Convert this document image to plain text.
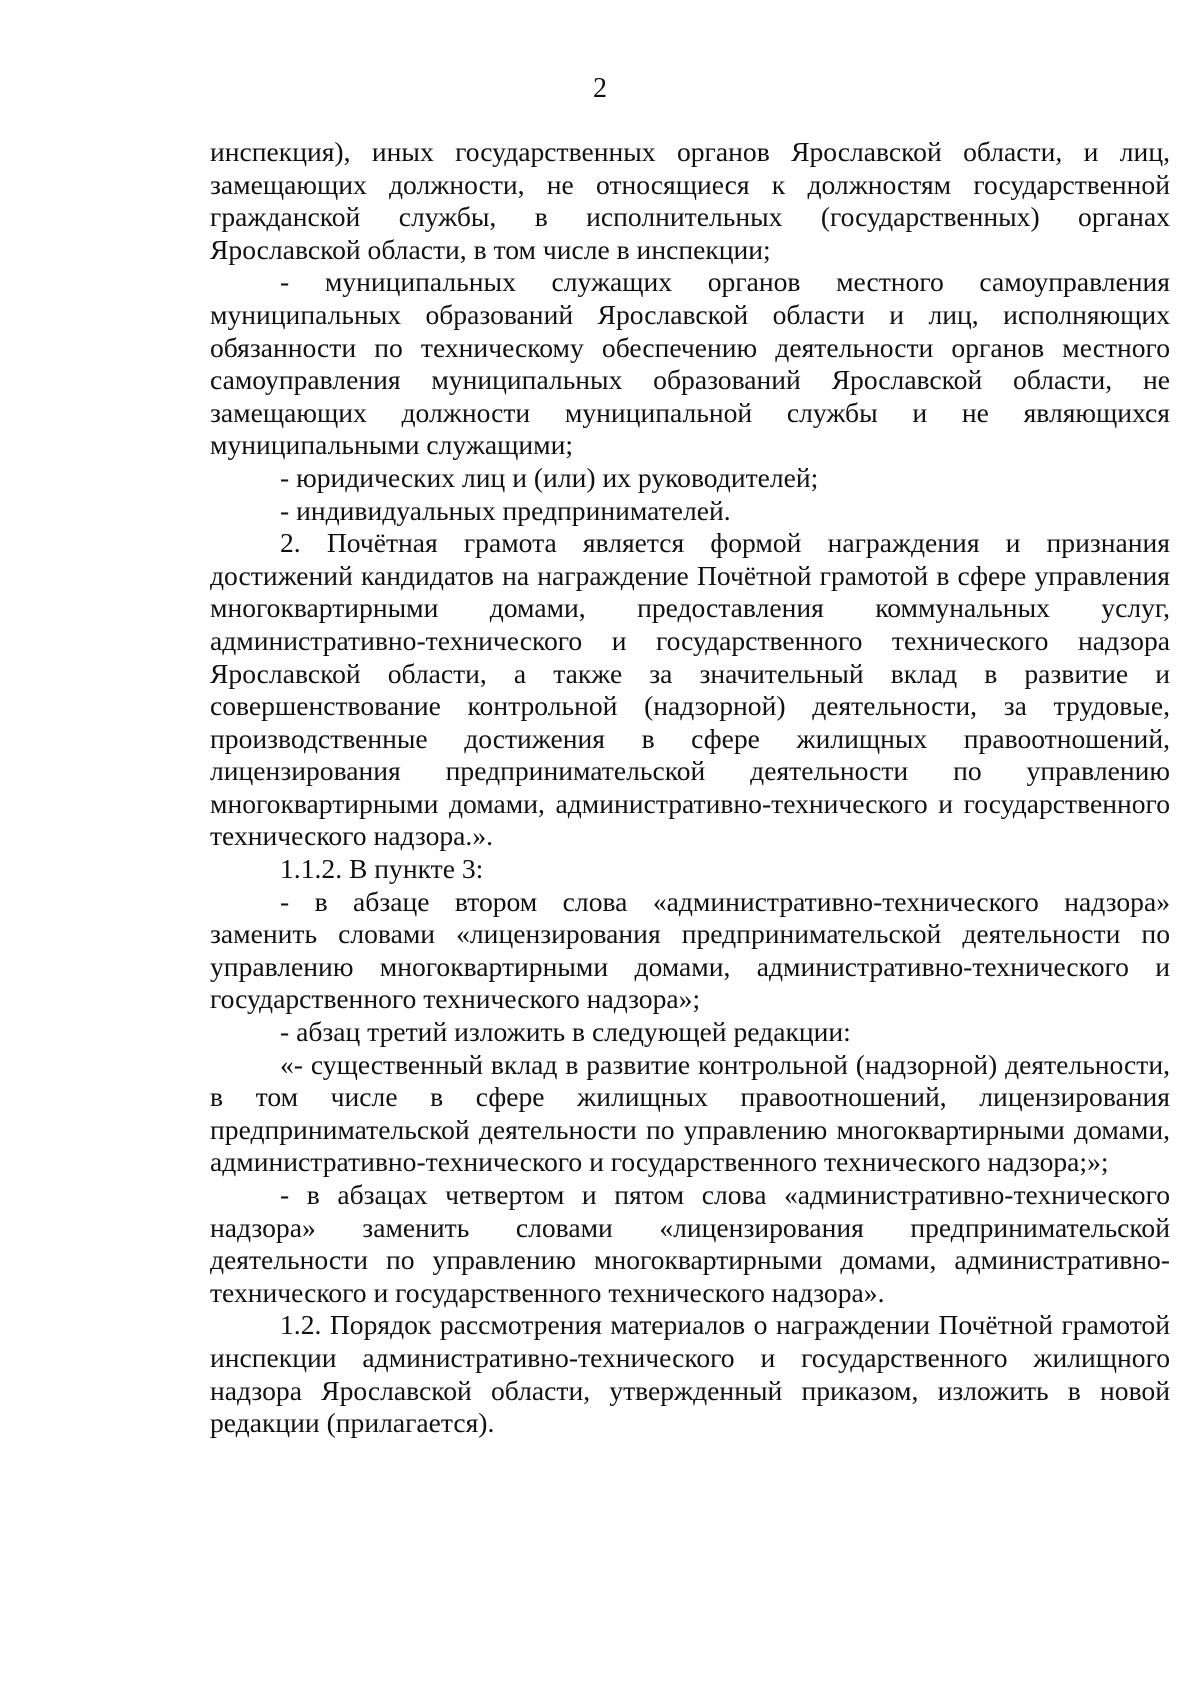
2

инспекция), иных государственных органов Ярославской области, и лиц, замещающих должности, не относящиеся к должностям государственной гражданской службы, в исполнительных (государственных) органах Ярославской области, в том числе в инспекции;

- муниципальных служащих органов местного самоуправления муниципальных образований Ярославской области и лиц, исполняющих обязанности по техническому обеспечению деятельности органов местного самоуправления муниципальных образований Ярославской области, не замещающих должности муниципальной службы и не являющихся муниципальными служащими;

- юридических лиц и (или) их руководителей;

- индивидуальных предпринимателей.

2. Почётная грамота является формой награждения и признания достижений кандидатов на награждение Почётной грамотой в сфере управления многоквартирными домами, предоставления коммунальных услуг, административно-технического и государственного технического надзора Ярославской области, а также за значительный вклад в развитие и совершенствование контрольной (надзорной) деятельности, за трудовые, производственные достижения в сфере жилищных правоотношений, лицензирования предпринимательской деятельности по управлению многоквартирными домами, административно-технического и государственного технического надзора.».

1.1.2. В пункте 3:

- в абзаце втором слова «административно-технического надзора» заменить словами «лицензирования предпринимательской деятельности по управлению многоквартирными домами, административно-технического и государственного технического надзора»;

- абзац третий изложить в следующей редакции:

«- существенный вклад в развитие контрольной (надзорной) деятельности, в том числе в сфере жилищных правоотношений, лицензирования предпринимательской деятельности по управлению многоквартирными домами, административно-технического и государственного технического надзора;»;

- в абзацах четвертом и пятом слова «административно-технического надзора» заменить словами «лицензирования предпринимательской деятельности по управлению многоквартирными домами, административно-технического и государственного технического надзора».

1.2. Порядок рассмотрения материалов о награждении Почётной грамотой инспекции административно-технического и государственного жилищного надзора Ярославской области, утвержденный приказом, изложить в новой редакции (прилагается).
